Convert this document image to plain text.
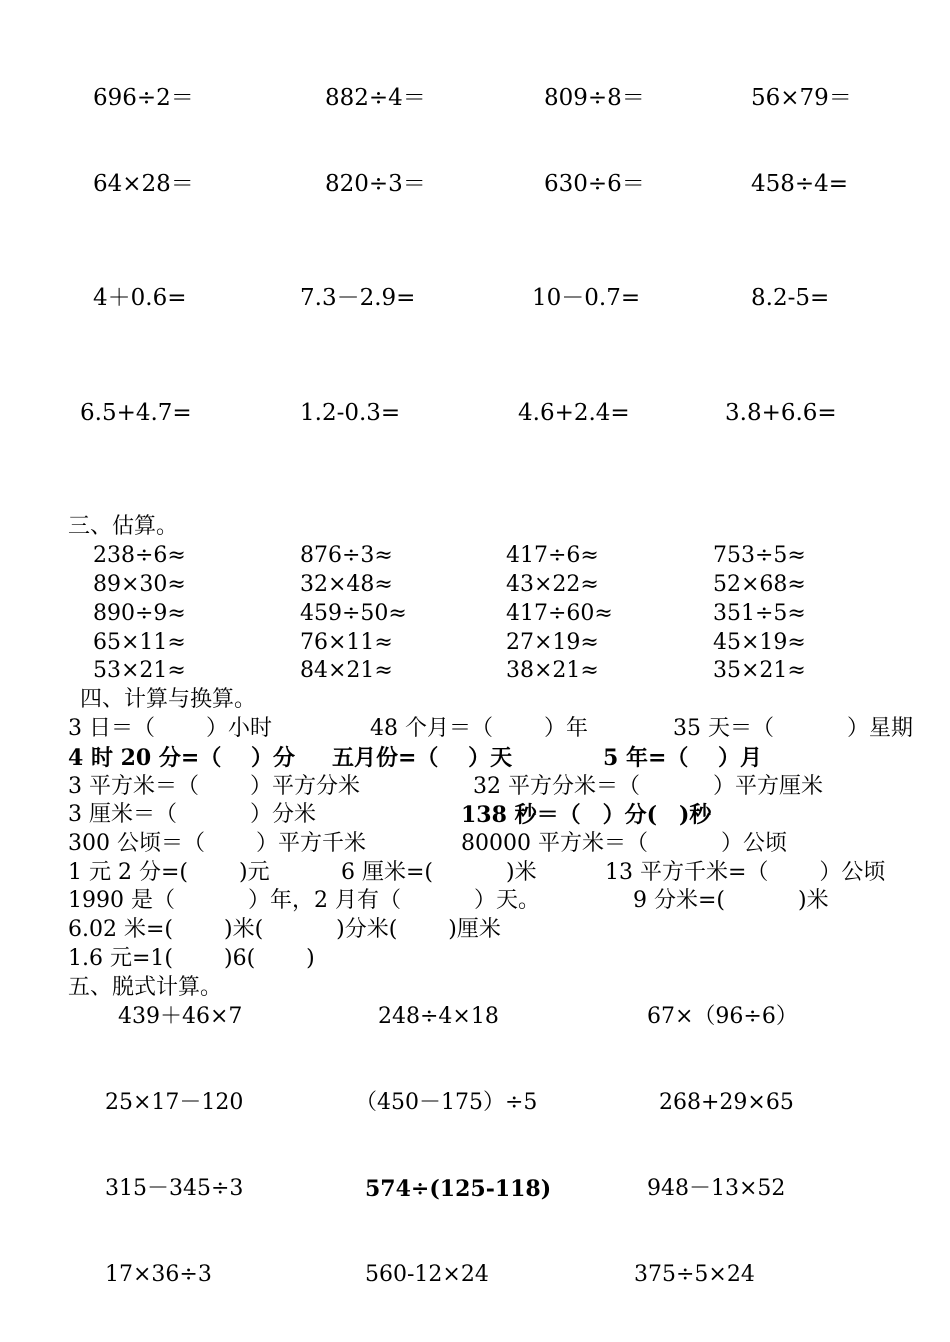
696÷2＝	882÷4＝	809÷8＝	56×79＝
64×28＝	820÷3＝	630÷6＝	458÷4=
4＋0.6=	7.3－2.9=	10－0.7=	8.2-5=
6.5+4.7=	1.2-0.3=	4.6+2.4=	3.8+6.6=
三、估算。
238÷6≈	876÷3≈	417÷6≈	753÷5≈
89×30≈	32×48≈	43×22≈	52×68≈
890÷9≈	459÷50≈	417÷60≈	351÷5≈
65×11≈	76×11≈	27×19≈	45×19≈
53×21≈	84×21≈	38×21≈	35×21≈
四、计算与换算。
3 日＝（　　 ）小时	48 个月＝（　　 ）年	35 天＝（　　　 ）星期
4 时 20 分=（　 ）分 五月份=（　 ）天	5 年=（　 ）月
3 平方米＝（　　 ）平方分米	32 平方分米＝（　　　 ）平方厘米
3 厘米＝（　　　 ）分米	138 秒＝（　）分(　)秒
300 公顷＝（　　 ）平方千米	80000 平方米＝（　　　 ）公顷
1 元 2 分=(　　 )元	6 厘米=(　　　 )米	13 平方千米=（　　 ）公顷
1990 是（　　　 ）年，2 月有（　　　 ）天。	9 分米=(　　　 )米
6.02 米=(　　 )米(　　　 )分米(　　 )厘米
1.6 元=1(　　 )6(　　 )
五、脱式计算。
439＋46×7	248÷4×18	67×（96÷6）
25×17－120	（450－175）÷5	268+29×65
315－345÷3	574÷(125-118)	948－13×52
17×36÷3	560-12×24	375÷5×24
